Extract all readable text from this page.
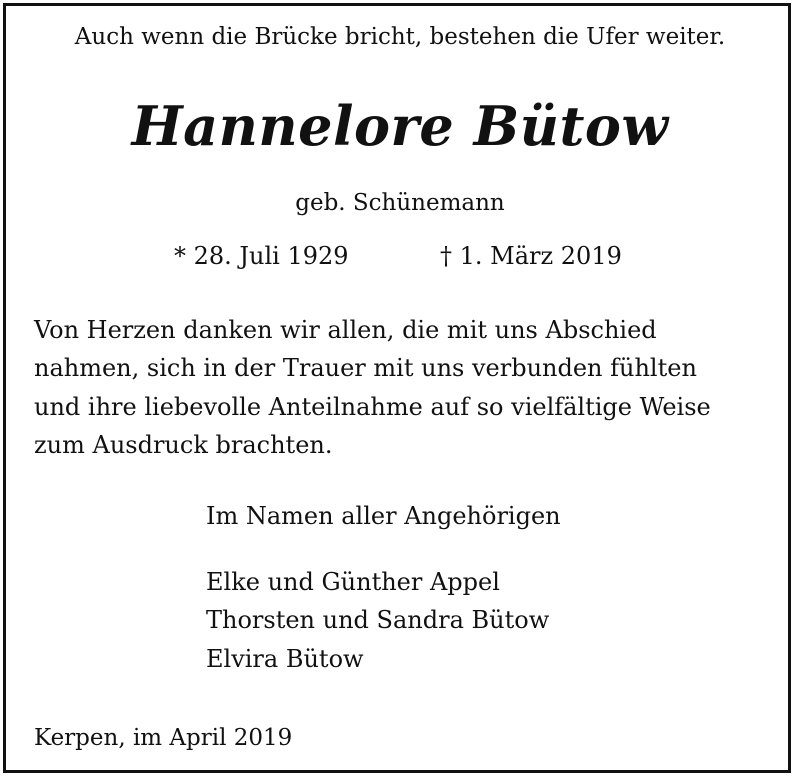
Auch wenn die Brücke bricht, bestehen die Ufer weiter.

Hannelore Bütow

geb. Schünemann

* 28. Juli 1929	† 1. März 2019

Von Herzen danken wir allen, die mit uns Abschied
nahmen, sich in der Trauer mit uns verbunden fühlten
und ihre liebevolle Anteilnahme auf so vielfältige Weise
zum Ausdruck brachten.

Im Namen aller Angehörigen

Elke und Günther Appel
Thorsten und Sandra Bütow
Elvira Bütow

Kerpen, im April 2019
